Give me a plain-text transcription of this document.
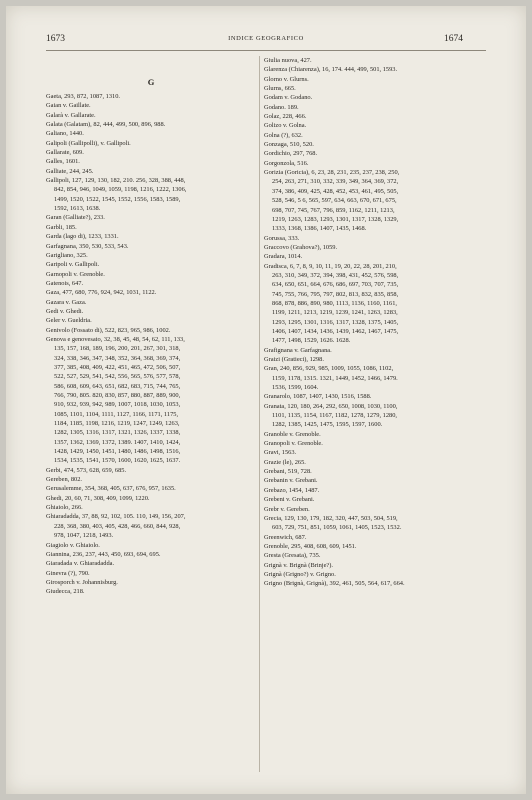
1673	INDICE GEOGRAFICO	1674
G
Gaeta, 293, 872, 1087, 1310.
Gaian v. Gaillate.
Galarà v. Gallarate.
Galata (Galatam), 82, 444, 499, 500, 896, 988.
Galiano, 1440.
Galipoli (Gallipolli), v. Gallipoli.
Gallarate, 609.
Galles, 1601.
Galliate, 244, 245.
Gallipoli, 127, 129, 130, 182, 210. 256, 328, 388, 448,
842, 854, 946, 1049, 1059, 1198, 1216, 1222, 1306,
1499, 1520, 1522, 1545, 1552, 1556, 1583, 1589,
1592, 1613, 1638.
Garan (Galliate?), 233.
Garbli, 185.
Garda (lago di), 1233, 1331.
Garfagnana, 350, 530, 533, 543.
Garigliano, 325.
Garipoli v. Gallipoli.
Garnopoli v. Grenoble.
Gatenois, 647.
Gaza, 477, 680, 776, 924, 942, 1031, 1122.
Gazara v. Gaza.
Gedi v. Ghedi.
Geler v. Gueldria.
Genivolo (Fossato di), 522, 823, 965, 986, 1002.
Genova e genovesato, 32, 38, 45, 48, 54, 62, 111, 133,
135, 157, 168, 189, 196, 200, 201, 267, 301, 318,
324, 338, 346, 347, 348, 352, 364, 368, 369, 374,
377, 385, 408, 409, 422, 451, 465, 472, 506, 507,
522, 527, 529, 541, 542, 556, 565, 576, 577, 578,
586, 608, 609, 643, 651, 682, 683, 715, 744, 765,
766, 790, 805. 820, 830, 857, 880, 887, 889, 900,
910, 932, 939, 942, 989, 1007, 1018, 1030, 1053,
1085, 1101, 1104, 1111, 1127, 1166, 1171, 1175,
1184, 1185, 1198, 1216, 1219, 1247, 1249, 1263,
1282, 1305, 1316, 1317, 1321, 1326, 1337, 1338,
1357, 1362, 1369, 1372, 1389. 1407, 1410, 1424,
1428, 1429, 1450, 1451, 1480, 1486, 1498, 1516,
1534, 1535, 1541, 1570, 1600, 1620, 1625, 1637.
Gerbi, 474, 573, 628, 659, 685.
Gereben, 802.
Gerusalemme, 354, 368, 405, 637, 676, 957, 1635.
Ghedi, 20, 60, 71, 308, 409, 1099, 1220.
Ghiaiolo, 266.
Ghiaradadda, 37, 88, 92, 102, 105. 110, 149, 156, 207,
228, 368, 380, 403, 405, 428, 466, 660, 844, 928,
978, 1047, 1218, 1493.
Giagiolo v. Ghiaiolo.
Giannina, 236, 237, 443, 450, 693, 694, 695.
Giaradada v. Ghiaradadda.
Ginevra (?), 790.
Girosporch v. Johannisburg.
Giudecca, 218.
Giulia nuova, 427.
Glarenza (Chiarenza), 16, 174. 444, 499, 501, 1593.
Glorno v. Glurns.
Glurns, 665.
Godam v. Godano.
Godano. 189.
Golaz, 228, 466.
Golizo v. Golna.
Golna (?), 632.
Gonzaga, 510, 520.
Gordichio, 297, 768.
Gorgonzola, 516.
Gorizia (Goricia), 6, 23, 28, 231, 235, 237, 238, 250,
254, 263, 271, 310, 332, 339, 349, 364, 369, 372,
374, 386, 409, 425, 428, 452, 453, 461, 495, 505,
528, 546, 5 6, 565, 597, 634, 663, 670, 671, 675,
698, 707, 745, 767, 796, 859, 1162, 1211, 1213,
1219, 1263, 1283, 1293, 1301, 1317, 1328, 1329,
1333, 1368, 1386, 1407, 1435, 1468.
Gorussa, 333.
Graccovo (Grahova?), 1059.
Gradara, 1014.
Gradisca, 6, 7, 8, 9, 10, 11, 19, 20, 22, 28, 201, 210,
263, 310, 349, 372, 394, 398, 431, 452, 576, 598,
634, 650, 651, 664, 676, 686, 697, 703, 707, 735,
745, 755, 766, 795, 797, 802, 813, 832, 835, 858,
868, 878, 886, 890, 980, 1113, 1136, 1160, 1161,
1199, 1211, 1213, 1219, 1239, 1241, 1263, 1283,
1293, 1295, 1301, 1316, 1317, 1328, 1375, 1405,
1406, 1407, 1434, 1436, 1439, 1462, 1467, 1475,
1477, 1498, 1529, 1626. 1628.
Grafignana v. Garfagnana.
Graizi (Gratieci), 1298.
Gran, 240, 856, 929, 985, 1009, 1055, 1086, 1102,
1159, 1178, 1315. 1321, 1449, 1452, 1466, 1479.
1536, 1599, 1604.
Granarolo, 1087, 1407, 1430, 1516, 1588.
Granata, 120, 180, 264, 292, 650, 1008, 1030, 1100,
1101, 1135, 1154, 1167, 1182, 1278, 1279, 1280,
1282, 1385, 1425, 1475, 1595, 1597, 1600.
Granoble v. Grenoble.
Granopoli v. Grenoble.
Gravi, 1563.
Grazie (le), 265.
Grebani, 519, 728.
Grebanin v. Grebani.
Grebazo, 1454, 1487.
Grebeni v. Grebani.
Grebr v. Gereben.
Grecia, 129, 130, 179, 182, 320, 447, 503, 504, 519,
603, 729, 751, 851, 1059, 1061, 1405, 1523, 1532.
Greenwich, 687.
Grenoble, 295, 408, 608, 609, 1451.
Gresta (Gresata), 735.
Grignà v. Brignà (Brinje?).
Grignà (Grigno?) v. Grigno.
Grigno (Brignà, Grignà), 392, 461, 505, 564, 617, 664.
